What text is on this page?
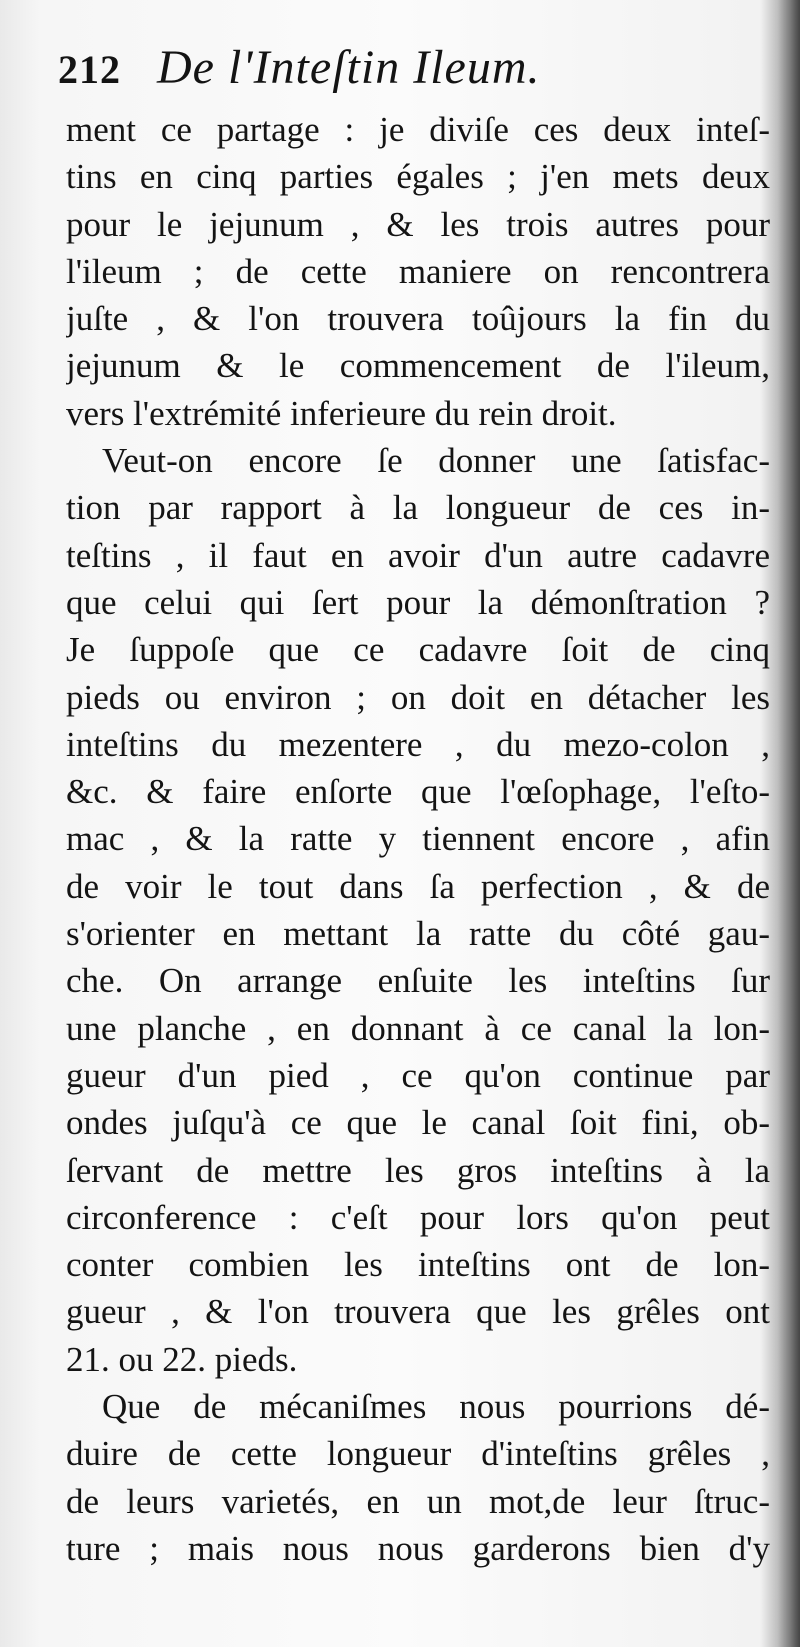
212 De l'Inteſtin Ileum.
ment ce partage : je diviſe ces deux inteſ-
tins en cinq parties égales ; j'en mets deux
pour le jejunum , & les trois autres pour
l'ileum ; de cette maniere on rencontrera
juſte , & l'on trouvera toûjours la fin du
jejunum & le commencement de l'ileum,
vers l'extrémité inferieure du rein droit.
Veut-on encore ſe donner une ſatisfac-
tion par rapport à la longueur de ces in-
teſtins , il faut en avoir d'un autre cadavre
que celui qui ſert pour la démonſtration ?
Je ſuppoſe que ce cadavre ſoit de cinq
pieds ou environ ; on doit en détacher les
inteſtins du mezentere , du mezo-colon ,
&c. & faire enſorte que l'œſophage, l'eſto-
mac , & la ratte y tiennent encore , afin
de voir le tout dans ſa perfection , & de
s'orienter en mettant la ratte du côté gau-
che. On arrange enſuite les inteſtins ſur
une planche , en donnant à ce canal la lon-
gueur d'un pied , ce qu'on continue par
ondes juſqu'à ce que le canal ſoit fini, ob-
ſervant de mettre les gros inteſtins à la
circonference : c'eſt pour lors qu'on peut
conter combien les inteſtins ont de lon-
gueur , & l'on trouvera que les grêles ont
21. ou 22. pieds.
Que de mécaniſmes nous pourrions dé-
duire de cette longueur d'inteſtins grêles ,
de leurs varietés, en un mot,de leur ſtruc-
ture ; mais nous nous garderons bien d'y
